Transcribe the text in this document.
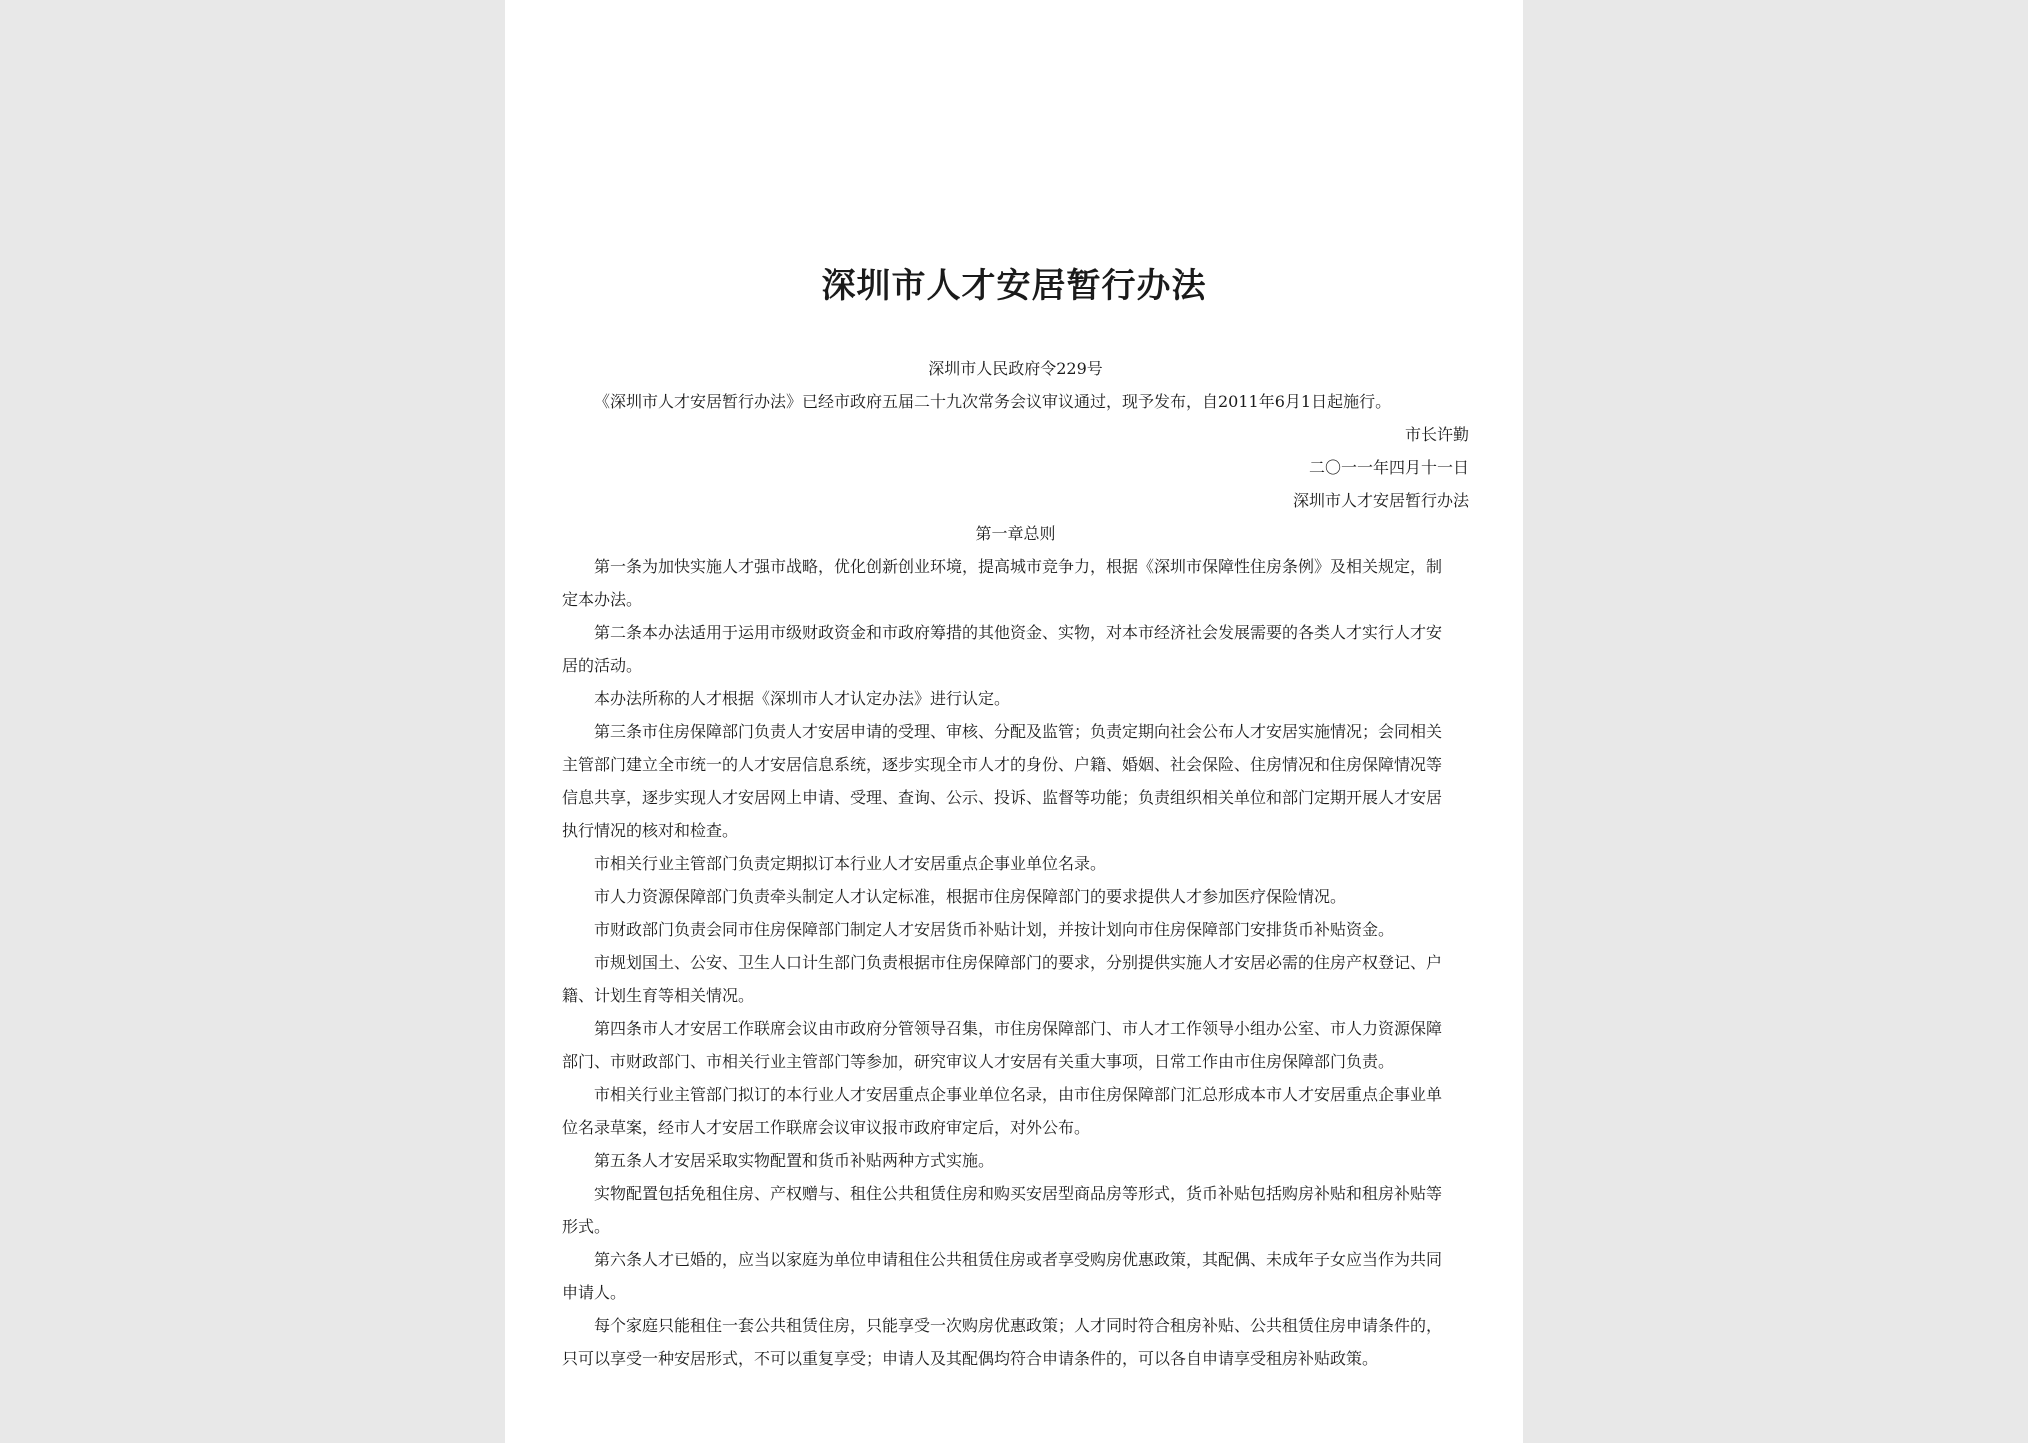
深圳市人才安居暂行办法
深圳市人民政府令229号
《深圳市人才安居暂行办法》已经市政府五届二十九次常务会议审议通过，现予发布，自2011年6月1日起施行。
市长许勤
二〇一一年四月十一日
深圳市人才安居暂行办法
第一章总则
第一条为加快实施人才强市战略，优化创新创业环境，提高城市竞争力，根据《深圳市保障性住房条例》及相关规定，制
定本办法。
第二条本办法适用于运用市级财政资金和市政府筹措的其他资金、实物，对本市经济社会发展需要的各类人才实行人才安
居的活动。
本办法所称的人才根据《深圳市人才认定办法》进行认定。
第三条市住房保障部门负责人才安居申请的受理、审核、分配及监管；负责定期向社会公布人才安居实施情况；会同相关
主管部门建立全市统一的人才安居信息系统，逐步实现全市人才的身份、户籍、婚姻、社会保险、住房情况和住房保障情况等
信息共享，逐步实现人才安居网上申请、受理、查询、公示、投诉、监督等功能；负责组织相关单位和部门定期开展人才安居
执行情况的核对和检查。
市相关行业主管部门负责定期拟订本行业人才安居重点企事业单位名录。
市人力资源保障部门负责牵头制定人才认定标准，根据市住房保障部门的要求提供人才参加医疗保险情况。
市财政部门负责会同市住房保障部门制定人才安居货币补贴计划，并按计划向市住房保障部门安排货币补贴资金。
市规划国土、公安、卫生人口计生部门负责根据市住房保障部门的要求，分别提供实施人才安居必需的住房产权登记、户
籍、计划生育等相关情况。
第四条市人才安居工作联席会议由市政府分管领导召集，市住房保障部门、市人才工作领导小组办公室、市人力资源保障
部门、市财政部门、市相关行业主管部门等参加，研究审议人才安居有关重大事项，日常工作由市住房保障部门负责。
市相关行业主管部门拟订的本行业人才安居重点企事业单位名录，由市住房保障部门汇总形成本市人才安居重点企事业单
位名录草案，经市人才安居工作联席会议审议报市政府审定后，对外公布。
第五条人才安居采取实物配置和货币补贴两种方式实施。
实物配置包括免租住房、产权赠与、租住公共租赁住房和购买安居型商品房等形式，货币补贴包括购房补贴和租房补贴等
形式。
第六条人才已婚的，应当以家庭为单位申请租住公共租赁住房或者享受购房优惠政策，其配偶、未成年子女应当作为共同
申请人。
每个家庭只能租住一套公共租赁住房，只能享受一次购房优惠政策；人才同时符合租房补贴、公共租赁住房申请条件的，
只可以享受一种安居形式，不可以重复享受；申请人及其配偶均符合申请条件的，可以各自申请享受租房补贴政策。
